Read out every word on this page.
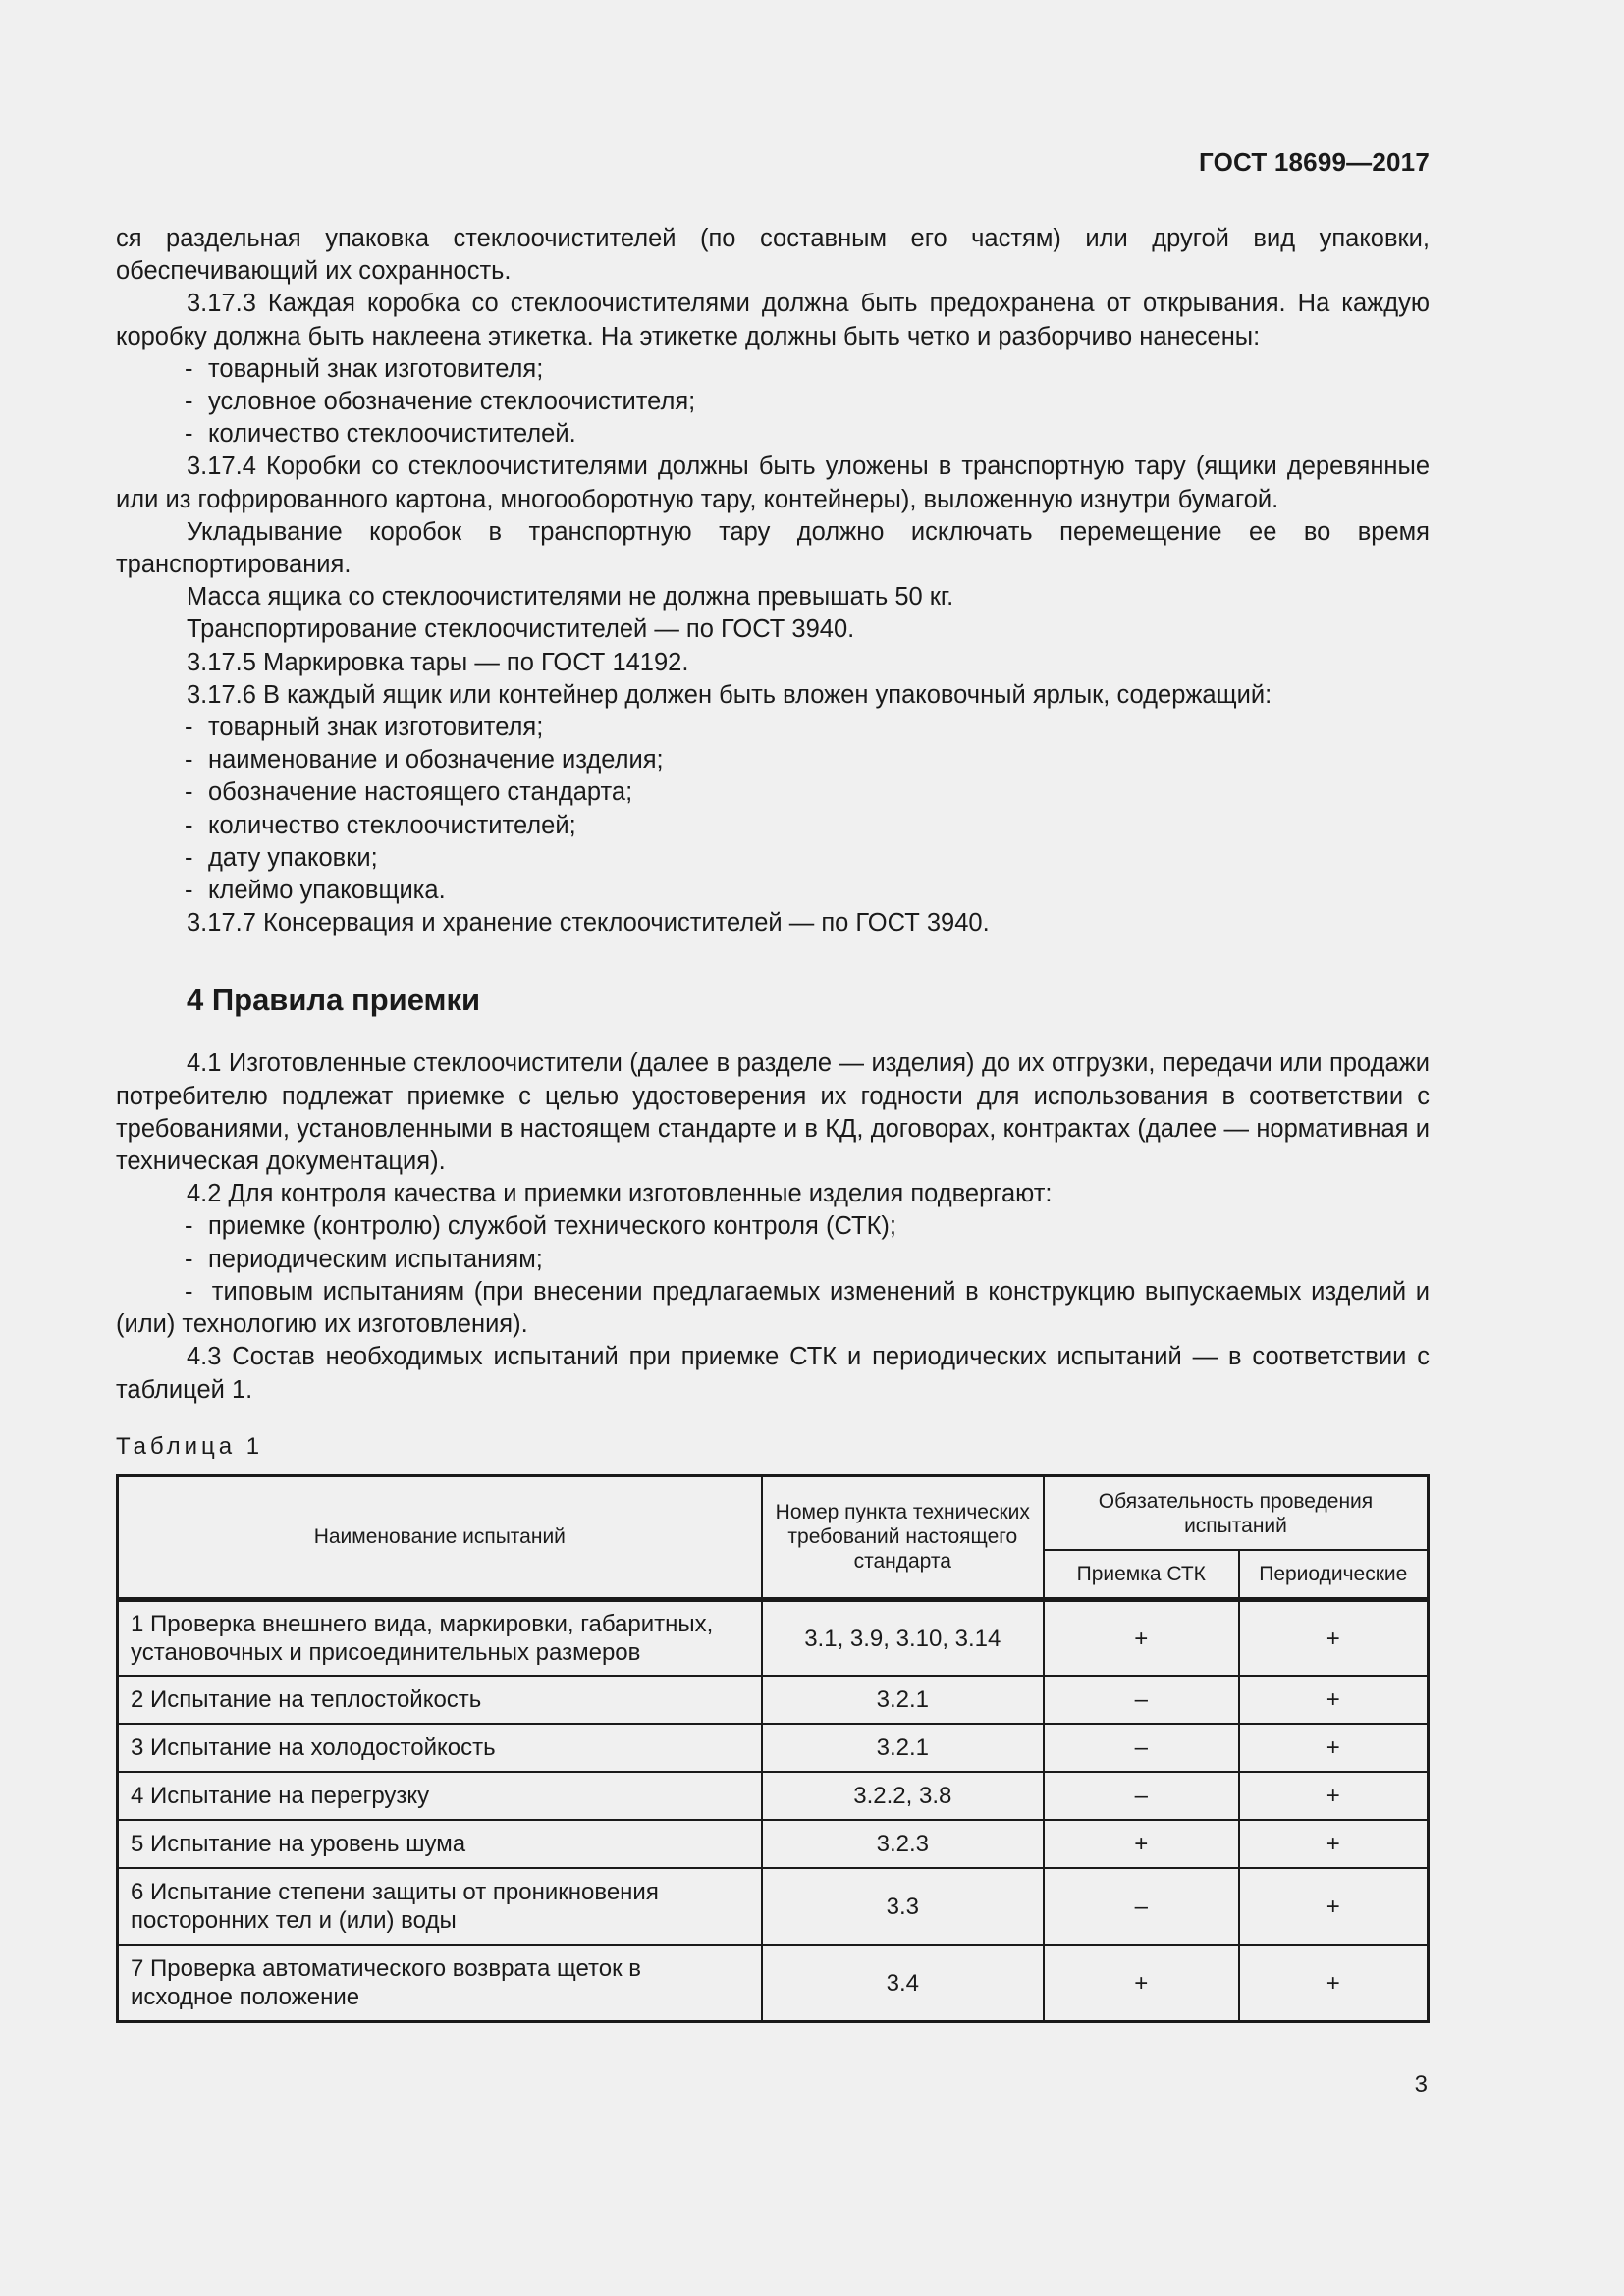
ГОСТ 18699—2017

ся раздельная упаковка стеклоочистителей (по составным его частям) или другой вид упаковки, обеспечивающий их сохранность.

3.17.3 Каждая коробка со стеклоочистителями должна быть предохранена от открывания. На каждую коробку должна быть наклеена этикетка. На этикетке должны быть четко и разборчиво нанесены:

- товарный знак изготовителя;

- условное обозначение стеклоочистителя;

- количество стеклоочистителей.

3.17.4 Коробки со стеклоочистителями должны быть уложены в транспортную тару (ящики деревянные или из гофрированного картона, многооборотную тару, контейнеры), выложенную изнутри бумагой.

Укладывание коробок в транспортную тару должно исключать перемещение ее во время транспортирования.

Масса ящика со стеклоочистителями не должна превышать 50 кг.

Транспортирование стеклоочистителей — по ГОСТ 3940.

3.17.5 Маркировка тары — по ГОСТ 14192.

3.17.6 В каждый ящик или контейнер должен быть вложен упаковочный ярлык, содержащий:

- товарный знак изготовителя;

- наименование и обозначение изделия;

- обозначение настоящего стандарта;

- количество стеклоочистителей;

- дату упаковки;

- клеймо упаковщика.

3.17.7 Консервация и хранение стеклоочистителей — по ГОСТ 3940.

4 Правила приемки

4.1 Изготовленные стеклоочистители (далее в разделе — изделия) до их отгрузки, передачи или продажи потребителю подлежат приемке с целью удостоверения их годности для использования в соответствии с требованиями, установленными в настоящем стандарте и в КД, договорах, контрактах (далее — нормативная и техническая документация).

4.2 Для контроля качества и приемки изготовленные изделия подвергают:

- приемке (контролю) службой технического контроля (СТК);

- периодическим испытаниям;

-  типовым испытаниям (при внесении предлагаемых изменений в конструкцию выпускаемых изделий и (или) технологию их изготовления).

4.3 Состав необходимых испытаний при приемке СТК и периодических испытаний — в соответствии с таблицей 1.

Таблица 1
Наименование испытаний	Номер пункта технических требований настоящего стандарта	Обязательность проведения испытаний	
		Приемка СТК	Периодические
1 Проверка внешнего вида, маркировки, габаритных, установочных и присоединительных размеров	3.1, 3.9, 3.10, 3.14	+	+
2 Испытание на теплостойкость	3.2.1	–	+
3 Испытание на холодостойкость	3.2.1	–	+
4 Испытание на перегрузку	3.2.2, 3.8	–	+
5 Испытание на уровень шума	3.2.3	+	+
6 Испытание степени защиты от проникновения посторонних тел и (или) воды	3.3	–	+
7 Проверка автоматического возврата щеток в исходное положение	3.4	+	+
3
